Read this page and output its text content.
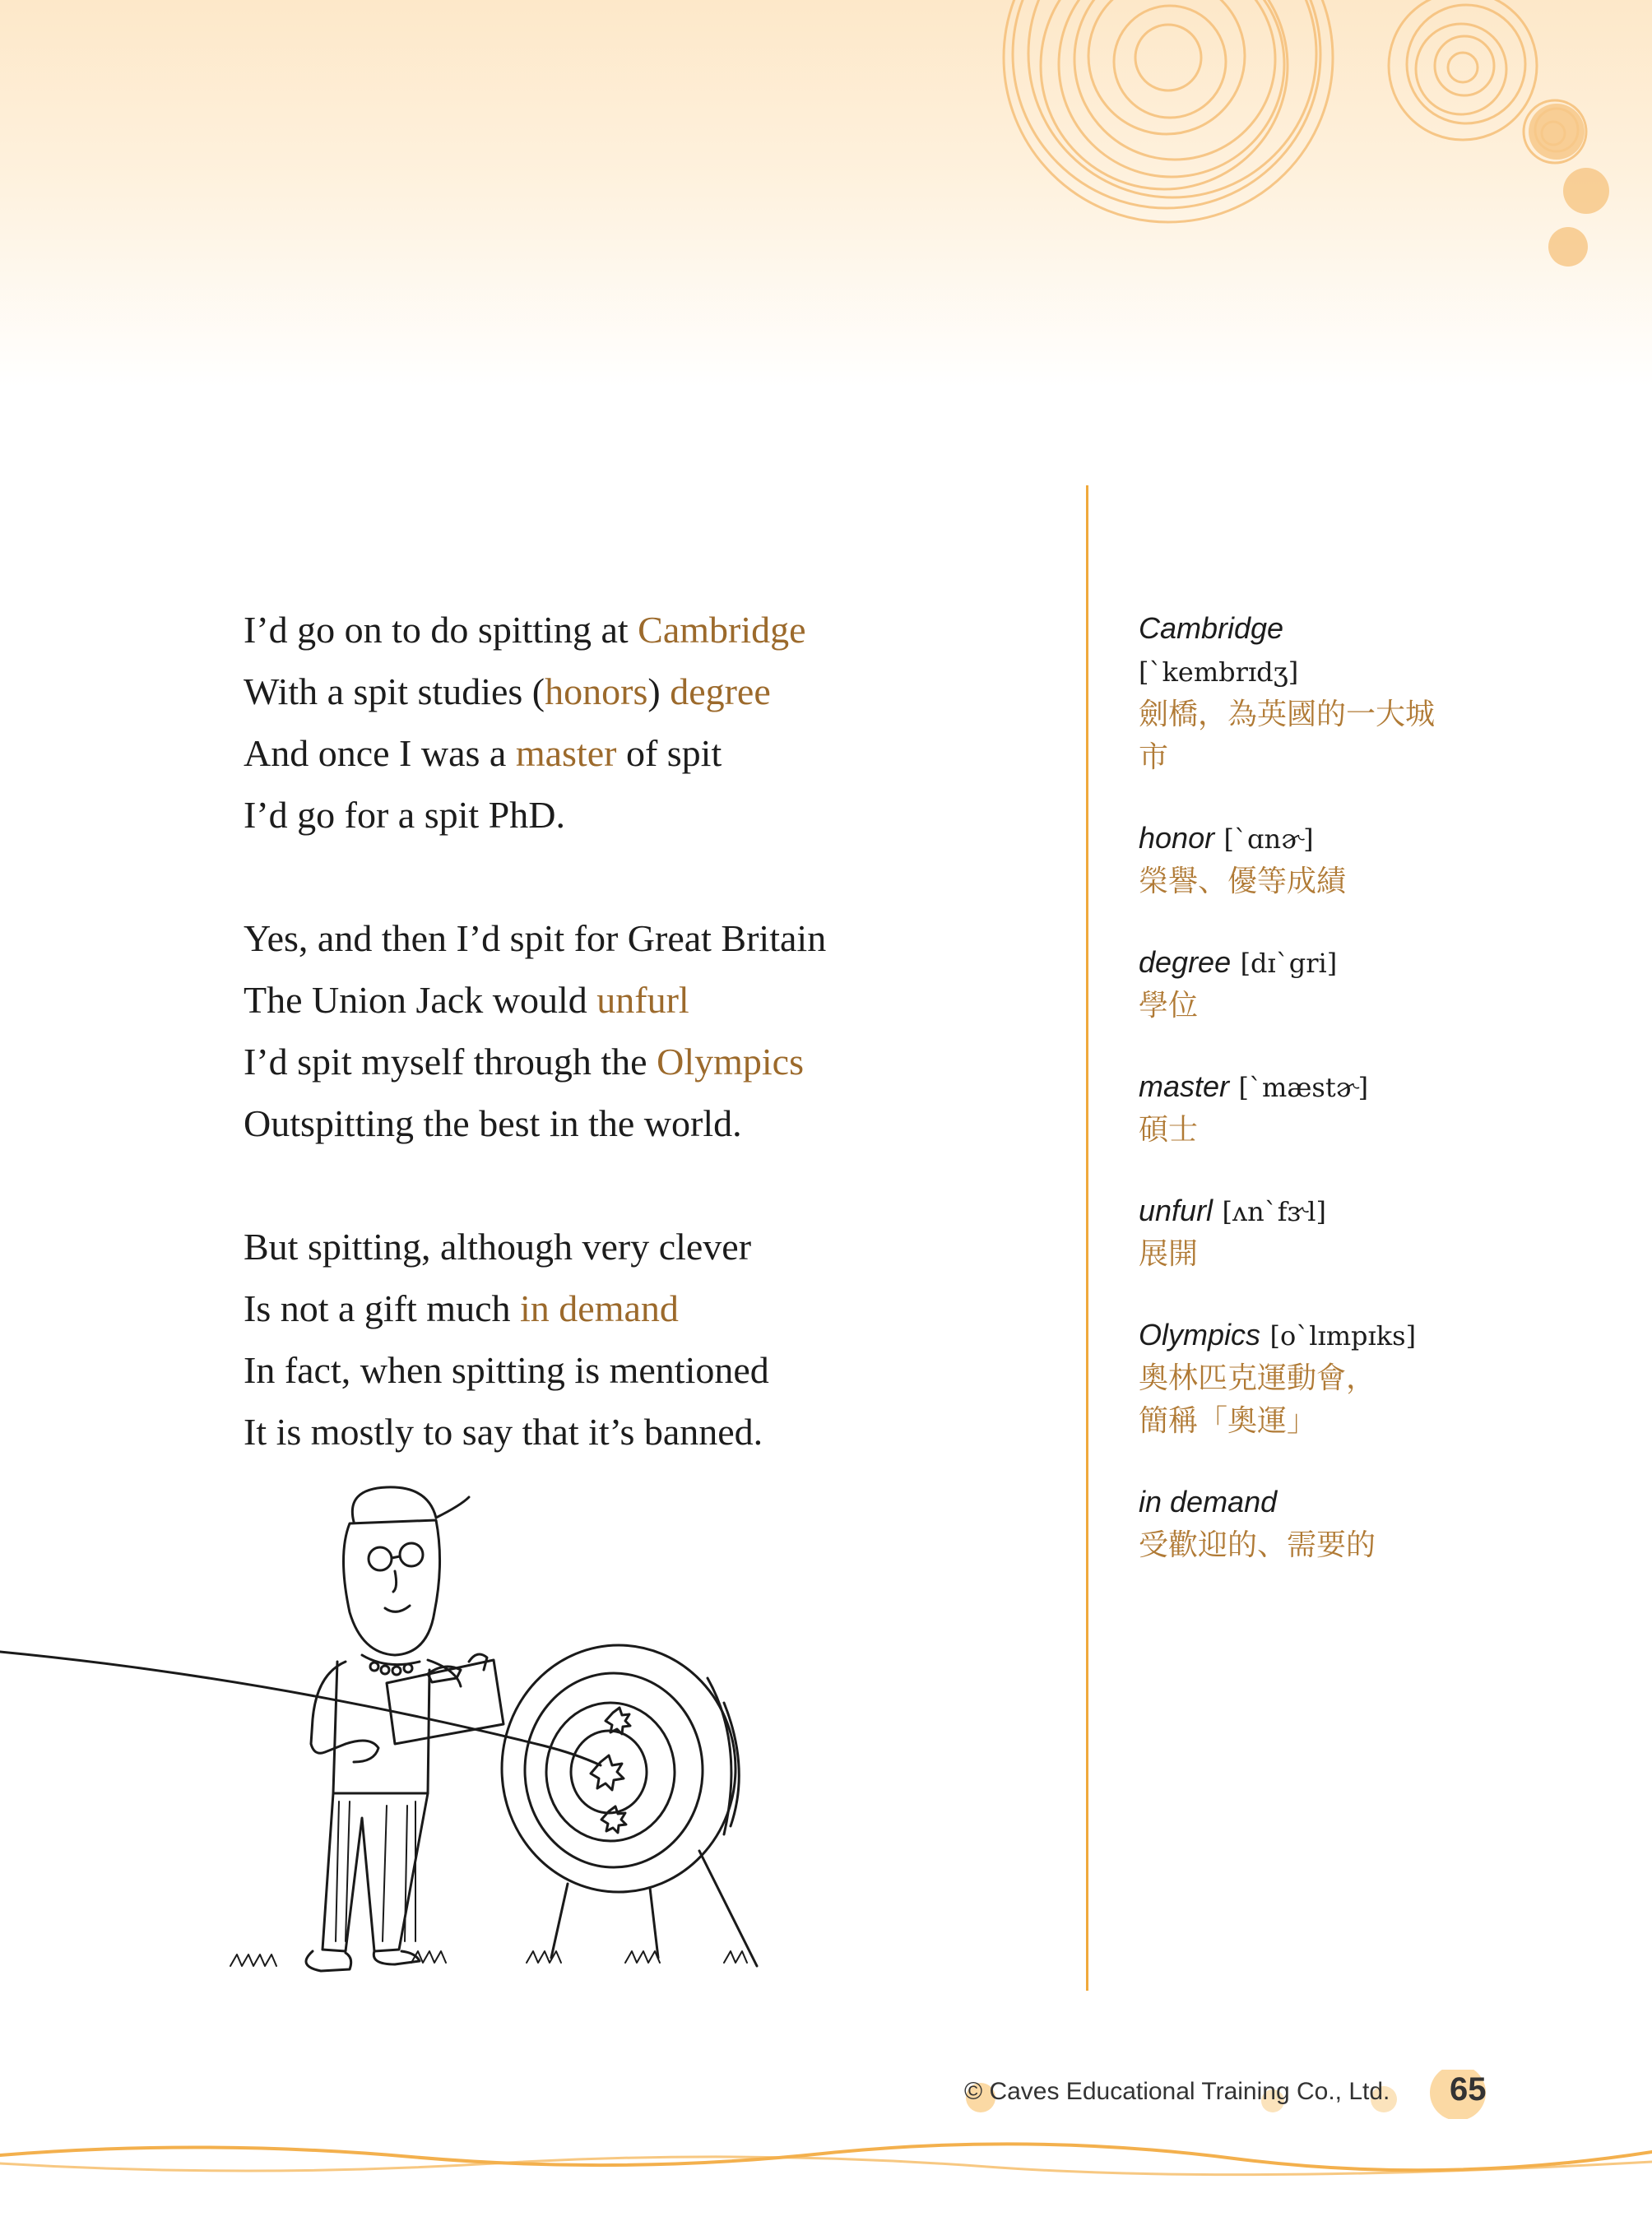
I’d go on to do spitting at Cambridge
With a spit studies (honors) degree
And once I was a master of spit
I’d go for a spit PhD.
Yes, and then I’d spit for Great Britain
The Union Jack would unfurl
I’d spit myself through the Olympics
Outspitting the best in the world.
But spitting, although very clever
Is not a gift much in demand
In fact, when spitting is mentioned
It is mostly to say that it’s banned.
Cambridge
[ˋkembrɪdʒ]
劍橋，為英國的一大城
市
honor [ˋɑnɚ]
榮譽、優等成績
degree [dɪˋgri]
學位
master [ˋmæstɚ]
碩士
unfurl [ʌnˋfɝl]
展開
Olympics [oˋlɪmpɪks]
奧林匹克運動會，
簡稱「奧運」
in demand
受歡迎的、需要的
© Caves Educational Training Co., Ltd. 65
